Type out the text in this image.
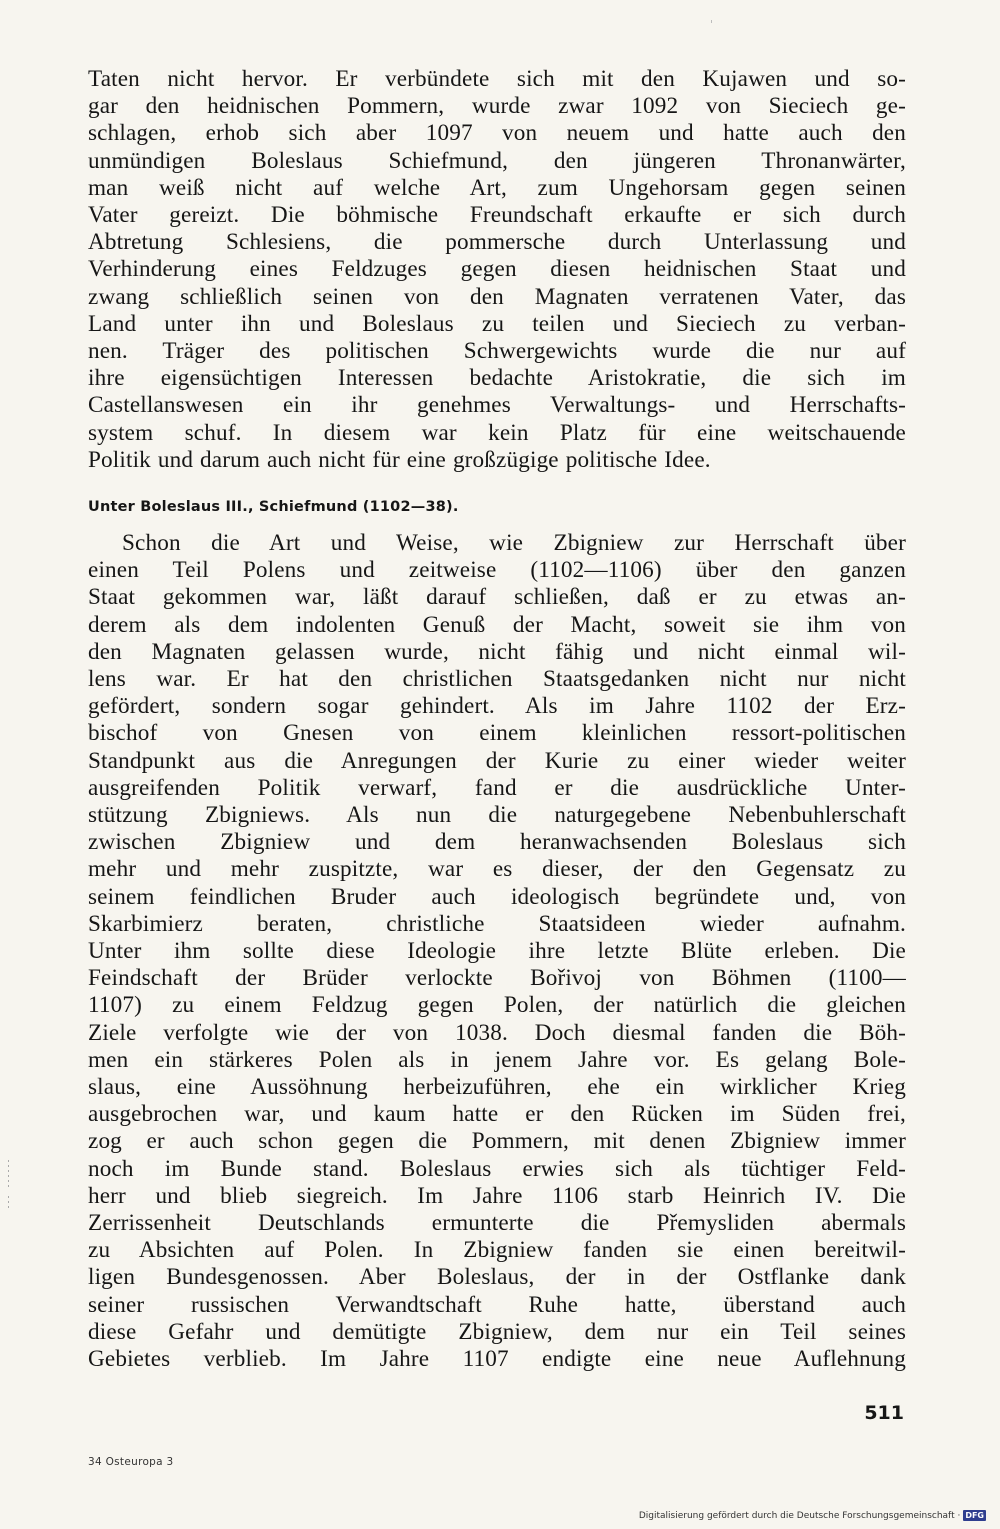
Taten nicht hervor. Er verbündete sich mit den Kujawen und so-
gar den heidnischen Pommern, wurde zwar 1092 von Sieciech ge-
schlagen, erhob sich aber 1097 von neuem und hatte auch den
unmündigen Boleslaus Schiefmund, den jüngeren Thronanwärter,
man weiß nicht auf welche Art, zum Ungehorsam gegen seinen
Vater gereizt. Die böhmische Freundschaft erkaufte er sich durch
Abtretung Schlesiens, die pommersche durch Unterlassung und
Verhinderung eines Feldzuges gegen diesen heidnischen Staat und
zwang schließlich seinen von den Magnaten verratenen Vater, das
Land unter ihn und Boleslaus zu teilen und Sieciech zu verban-
nen. Träger des politischen Schwergewichts wurde die nur auf
ihre eigensüchtigen Interessen bedachte Aristokratie, die sich im
Castellanswesen ein ihr genehmes Verwaltungs- und Herrschafts-
system schuf. In diesem war kein Platz für eine weitschauende
Politik und darum auch nicht für eine großzügige politische Idee.

Unter Boleslaus III., Schiefmund (1102—38).

Schon die Art und Weise, wie Zbigniew zur Herrschaft über
einen Teil Polens und zeitweise (1102—1106) über den ganzen
Staat gekommen war, läßt darauf schließen, daß er zu etwas an-
derem als dem indolenten Genuß der Macht, soweit sie ihm von
den Magnaten gelassen wurde, nicht fähig und nicht einmal wil-
lens war. Er hat den christlichen Staatsgedanken nicht nur nicht
gefördert, sondern sogar gehindert. Als im Jahre 1102 der Erz-
bischof von Gnesen von einem kleinlichen ressort-politischen
Standpunkt aus die Anregungen der Kurie zu einer wieder weiter
ausgreifenden Politik verwarf, fand er die ausdrückliche Unter-
stützung Zbigniews. Als nun die naturgegebene Nebenbuhlerschaft
zwischen Zbigniew und dem heranwachsenden Boleslaus sich
mehr und mehr zuspitzte, war es dieser, der den Gegensatz zu
seinem feindlichen Bruder auch ideologisch begründete und, von
Skarbimierz beraten, christliche Staatsideen wieder aufnahm.
Unter ihm sollte diese Ideologie ihre letzte Blüte erleben. Die
Feindschaft der Brüder verlockte Bořivoj von Böhmen (1100—
1107) zu einem Feldzug gegen Polen, der natürlich die gleichen
Ziele verfolgte wie der von 1038. Doch diesmal fanden die Böh-
men ein stärkeres Polen als in jenem Jahre vor. Es gelang Bole-
slaus, eine Aussöhnung herbeizuführen, ehe ein wirklicher Krieg
ausgebrochen war, und kaum hatte er den Rücken im Süden frei,
zog er auch schon gegen die Pommern, mit denen Zbigniew immer
noch im Bunde stand. Boleslaus erwies sich als tüchtiger Feld-
herr und blieb siegreich. Im Jahre 1106 starb Heinrich IV. Die
Zerrissenheit Deutschlands ermunterte die Přemysliden abermals
zu Absichten auf Polen. In Zbigniew fanden sie einen bereitwil-
ligen Bundesgenossen. Aber Boleslaus, der in der Ostflanke dank
seiner russischen Verwandtschaft Ruhe hatte, überstand auch
diese Gefahr und demütigte Zbigniew, dem nur ein Teil seines
Gebietes verblieb. Im Jahre 1107 endigte eine neue Auflehnung

511
34 Osteuropa 3
Digitalisierung gefördert durch die Deutsche Forschungsgemeinschaft · DFG
